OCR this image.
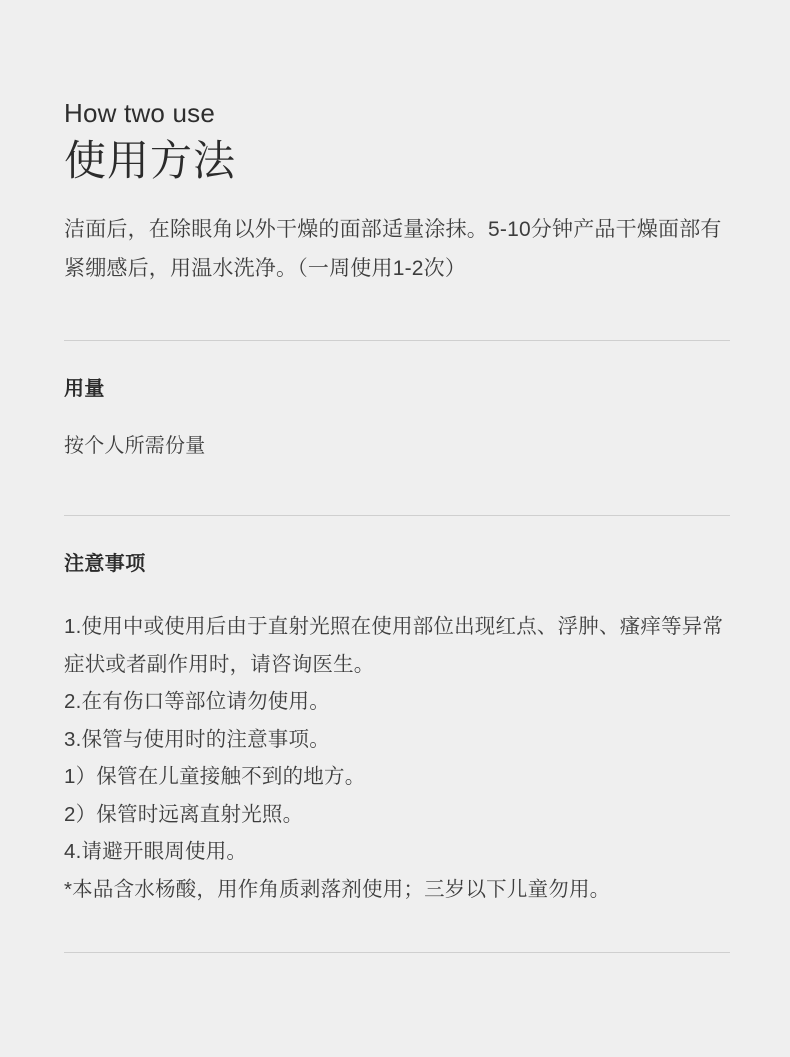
How two use
使用方法
洁面后，在除眼角以外干燥的面部适量涂抹。5-10分钟产品干燥面部有紧绷感后，用温水洗净。（一周使用1-2次）
用量
按个人所需份量
注意事项
1.使用中或使用后由于直射光照在使用部位出现红点、浮肿、瘙痒等异常症状或者副作用时，请咨询医生。
2.在有伤口等部位请勿使用。
3.保管与使用时的注意事项。
1）保管在儿童接触不到的地方。
2）保管时远离直射光照。
4.请避开眼周使用。
*本品含水杨酸，用作角质剥落剂使用；三岁以下儿童勿用。
